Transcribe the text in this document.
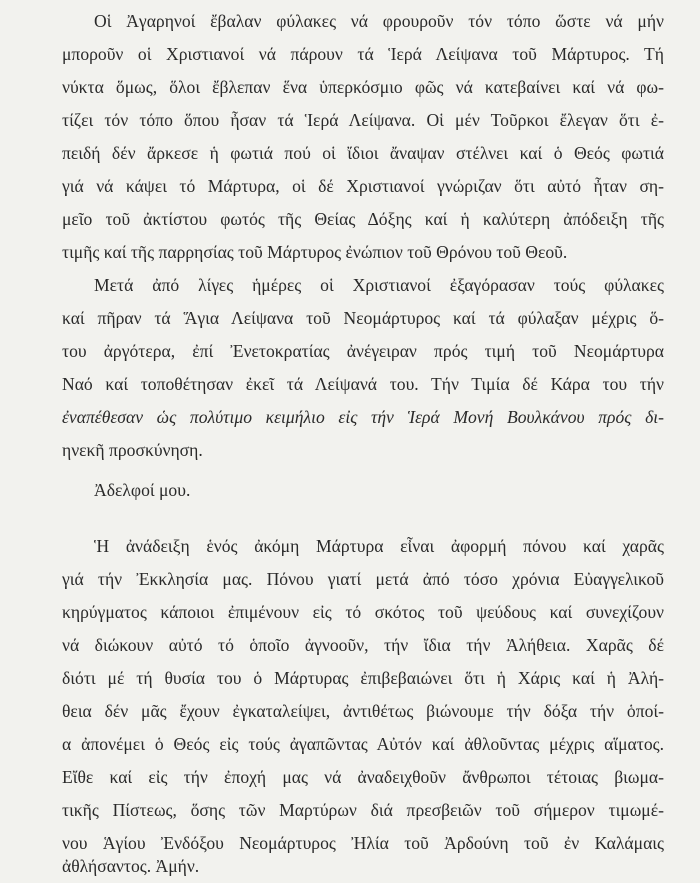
Οἱ Ἀγαρηνοί ἔβαλαν φύλακες νά φρουροῦν τόν τόπο ὥστε νά μήν
μποροῦν οἱ Χριστιανοί νά πάρουν τά Ἱερά Λείψανα τοῦ Μάρτυρος. Τή
νύκτα ὅμως, ὅλοι ἔβλεπαν ἕνα ὑπερκόσμιο φῶς νά κατεβαίνει καί νά φω-
τίζει τόν τόπο ὅπου ἦσαν τά Ἱερά Λείψανα. Οἱ μέν Τοῦρκοι ἔλεγαν ὅτι ἐ-
πειδή δέν ἄρκεσε ἡ φωτιά πού οἱ ἴδιοι ἄναψαν στέλνει καί ὁ Θεός φωτιά
γιά νά κάψει τό Μάρτυρα, οἱ δέ Χριστιανοί γνώριζαν ὅτι αὐτό ἦταν ση-
μεῖο τοῦ ἀκτίστου φωτός τῆς Θείας Δόξης καί ἡ καλύτερη ἀπόδειξη τῆς
τιμῆς καί τῆς παρρησίας τοῦ Μάρτυρος ἐνώπιον τοῦ Θρόνου τοῦ Θεοῦ.
Μετά ἀπό λίγες ἡμέρες οἱ Χριστιανοί ἐξαγόρασαν τούς φύλακες
καί πῆραν τά Ἅγια Λείψανα τοῦ Νεομάρτυρος καί τά φύλαξαν μέχρις ὅ-
του ἀργότερα, ἐπί Ἐνετοκρατίας ἀνέγειραν πρός τιμή τοῦ Νεομάρτυρα
Ναό καί τοποθέτησαν ἐκεῖ τά Λείψανά του. Τήν Τιμία δέ Κάρα του τήν
ἐναπέθεσαν ὡς πολύτιμο κειμήλιο εἰς τήν Ἱερά Μονή Βουλκάνου πρός δι-
ηνεκῆ προσκύνηση.
Ἀδελφοί μου.
Ἡ ἀνάδειξη ἑνός ἀκόμη Μάρτυρα εἶναι ἀφορμή πόνου καί χαρᾶς
γιά τήν Ἐκκλησία μας. Πόνου γιατί μετά ἀπό τόσο χρόνια Εὐαγγελικοῦ
κηρύγματος κάποιοι ἐπιμένουν εἰς τό σκότος τοῦ ψεύδους καί συνεχίζουν
νά διώκουν αὐτό τό ὁποῖο ἀγνοοῦν, τήν ἴδια τήν Ἀλήθεια. Χαρᾶς δέ
διότι μέ τή θυσία του ὁ Μάρτυρας ἐπιβεβαιώνει ὅτι ἡ Χάρις καί ἡ Ἀλή-
θεια δέν μᾶς ἔχουν ἐγκαταλείψει, ἀντιθέτως βιώνουμε τήν δόξα τήν ὁποί-
α ἀπονέμει ὁ Θεός εἰς τούς ἀγαπῶντας Αὐτόν καί ἀθλοῦντας μέχρις αἵματος.
Εἴθε καί εἰς τήν ἐποχή μας νά ἀναδειχθοῦν ἄνθρωποι τέτοιας βιωμα-
τικῆς Πίστεως, ὅσης τῶν Μαρτύρων διά πρεσβειῶν τοῦ σήμερον τιμωμέ-
νου Ἁγίου Ἐνδόξου Νεομάρτυρος Ἠλία τοῦ Ἀρδούνη τοῦ ἐν Καλάμαις
ἀθλήσαντος. Ἀμήν.
